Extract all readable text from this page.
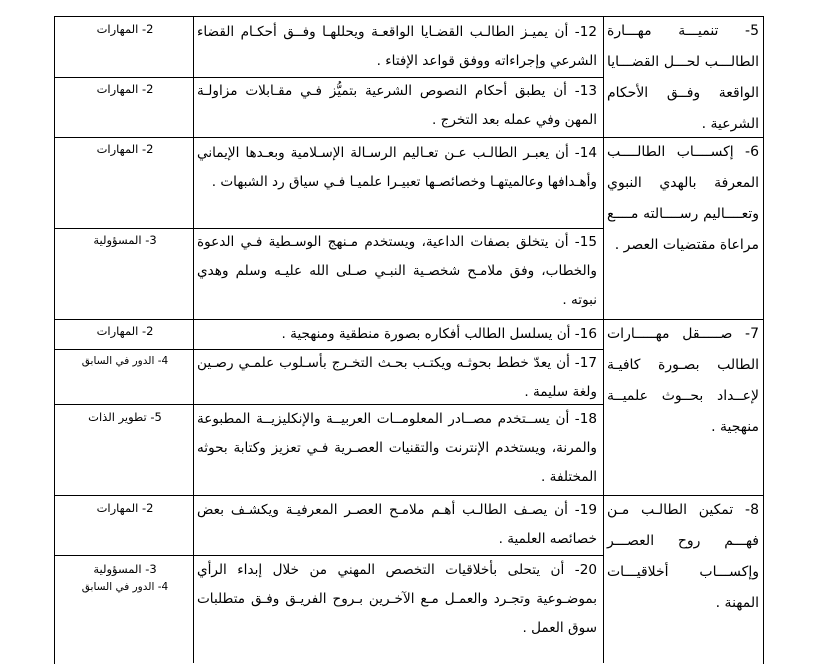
5- تنميـــة مهـــارة الطالـــب لحـــل القضـــايا الواقعة وفــق الأحكام الشرعية .
6- إكســــاب الطالــــب المعرفة بالهدي النبوي وتعــــاليم رســــالته مــــع مراعاة مقتضيات العصر .
7- صـــــقل مهـــــارات الطالب بصـورة كافيـة لإعــداد بحــوث علميــة منهجية .
8- تمكين الطالـب مـن فهـــم روح العصـــر وإكســـاب أخلاقيـــات المهنة .
12- أن يميـز الطالـب القضـايا الواقعـة ويحللهـا وفــق أحكـام القضاء الشرعي وإجراءاته ووفق قواعد الإفتاء .
13- أن يطبق أحكام النصوص الشرعية بتميُّز فـي مقـابلات مزاولـة المهن وفي عمله بعد التخرج .
14- أن يعبـر الطالـب عـن تعـاليم الرسـالة الإسـلامية وبعـدها الإيماني وأهـدافها وعالميتهـا وخصائصـها تعبيـرا علميـا فـي سياق رد الشبهات .
15- أن يتخلق بصفات الداعية، ويستخدم مـنهج الوسـطية فـي الدعوة والخطاب، وفق ملامـح شخصـية النبـي صـلى الله عليـه وسلم وهدي نبوته .
16- أن يسلسل الطالب أفكاره بصورة منطقية ومنهجية .
17- أن يعدّ خطط بحوثـه ويكتـب بحـث التخـرج بأسـلوب علمـي رصـين ولغة سليمة .
18- أن يســتخدم مصــادر المعلومــات العربيــة والإنكليزيــة المطبوعة والمرنة، ويستخدم الإنترنت والتقنيات العصـرية فـي تعزيز وكتابة بحوثه المختلفة .
19- أن يصـف الطالـب أهـم ملامـح العصـر المعرفيـة ويكشـف بعض خصائصه العلمية .
20- أن يتحلى بأخلاقيات التخصص المهني من خلال إبداء الرأي بموضـوعية وتجـرد والعمـل مـع الآخـرين بـروح الفريـق وفـق متطلبات سوق العمل .
2- المهارات
2- المهارات
2- المهارات
3- المسؤولية
2- المهارات
4- الدور في السابق
5- تطوير الذات
2- المهارات
3- المسؤولية
4- الدور في السابق
